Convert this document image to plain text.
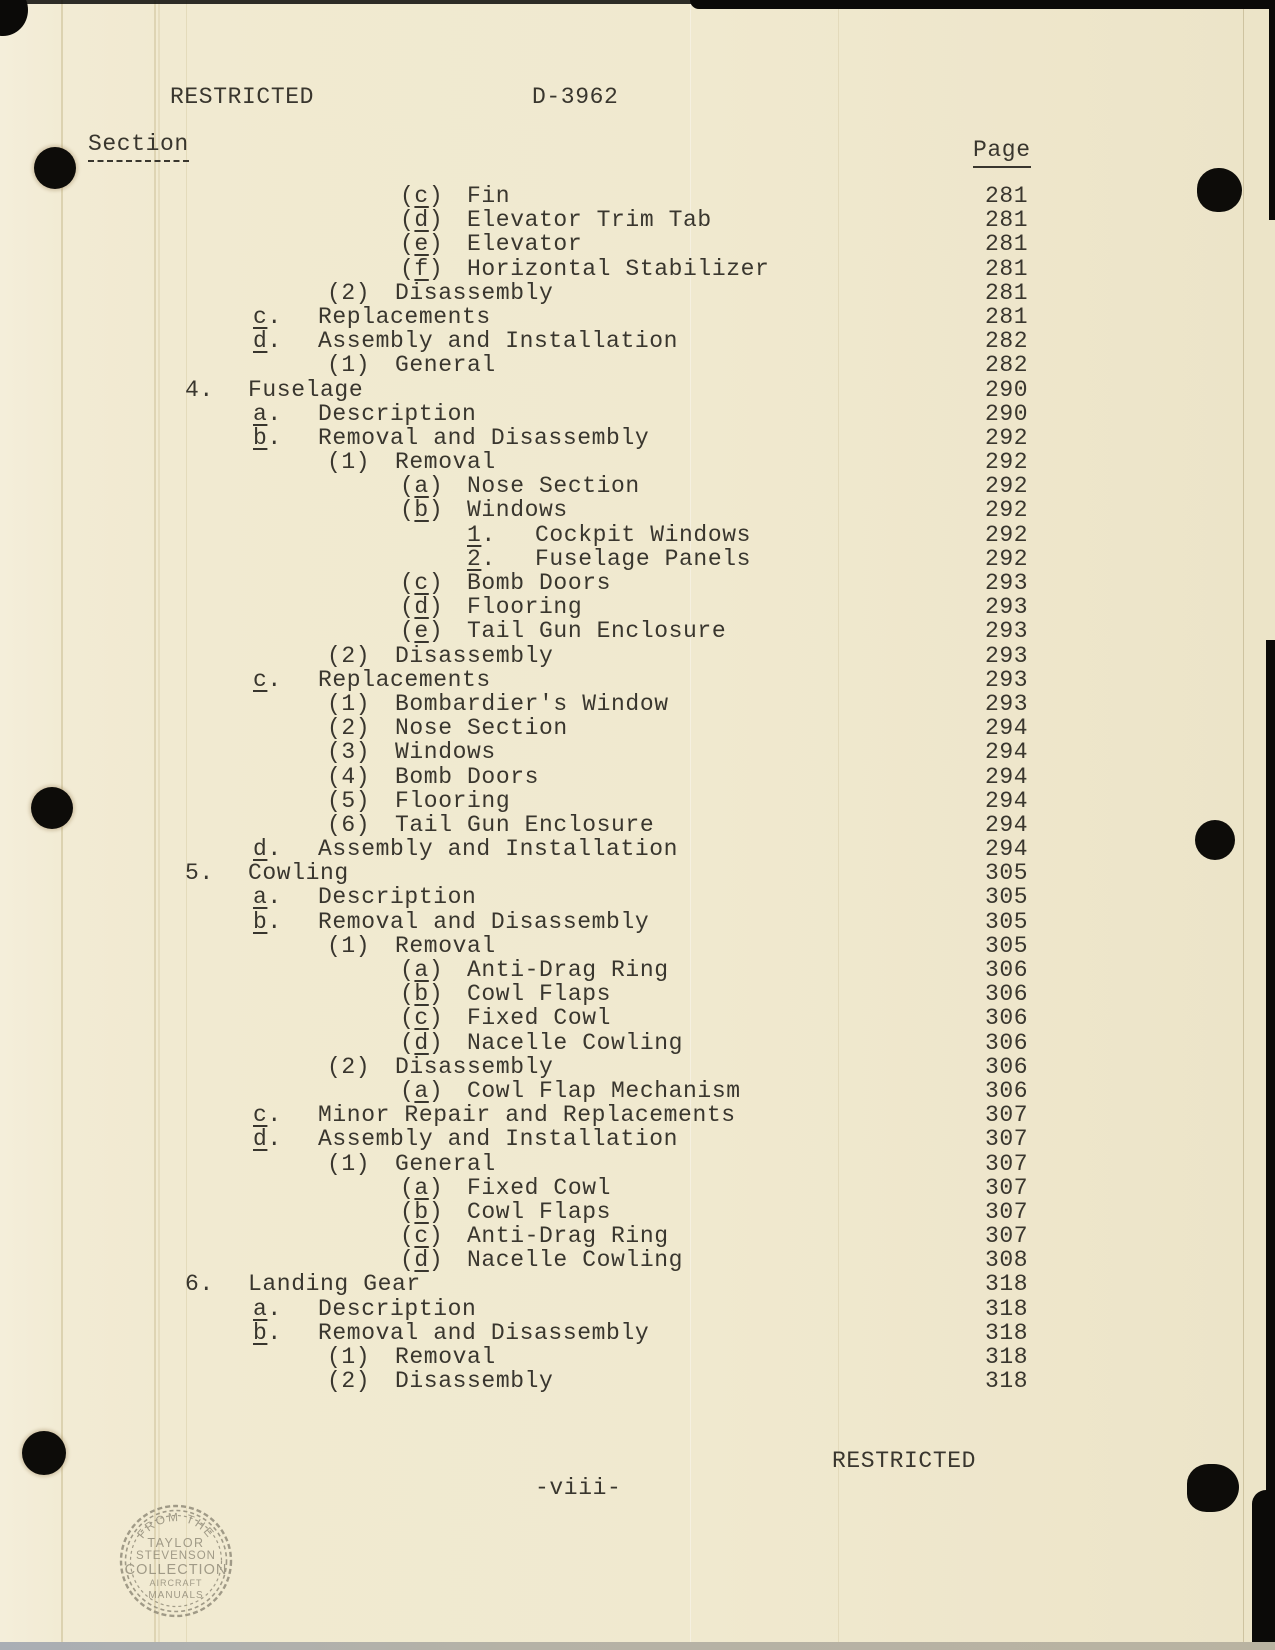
RESTRICTED	D-3962
Section	Page
(c) Fin	281
(d) Elevator Trim Tab	281
(e) Elevator	281
(f) Horizontal Stabilizer	281
(2) Disassembly	281
c. Replacements	281
d. Assembly and Installation	282
(1) General	282
4. Fuselage	290
a. Description	290
b. Removal and Disassembly	292
(1) Removal	292
(a) Nose Section	292
(b) Windows	292
1. Cockpit Windows	292
2. Fuselage Panels	292
(c) Bomb Doors	293
(d) Flooring	293
(e) Tail Gun Enclosure	293
(2) Disassembly	293
c. Replacements	293
(1) Bombardier's Window	293
(2) Nose Section	294
(3) Windows	294
(4) Bomb Doors	294
(5) Flooring	294
(6) Tail Gun Enclosure	294
d. Assembly and Installation	294
5. Cowling	305
a. Description	305
b. Removal and Disassembly	305
(1) Removal	305
(a) Anti-Drag Ring	306
(b) Cowl Flaps	306
(c) Fixed Cowl	306
(d) Nacelle Cowling	306
(2) Disassembly	306
(a) Cowl Flap Mechanism	306
c. Minor Repair and Replacements	307
d. Assembly and Installation	307
(1) General	307
(a) Fixed Cowl	307
(b) Cowl Flaps	307
(c) Anti-Drag Ring	307
(d) Nacelle Cowling	308
6. Landing Gear	318
a. Description	318
b. Removal and Disassembly	318
(1) Removal	318
(2) Disassembly	318
RESTRICTED
-viii-
FROM THE
TAYLOR
STEVENSON
COLLECTION
AIRCRAFT
MANUALS
